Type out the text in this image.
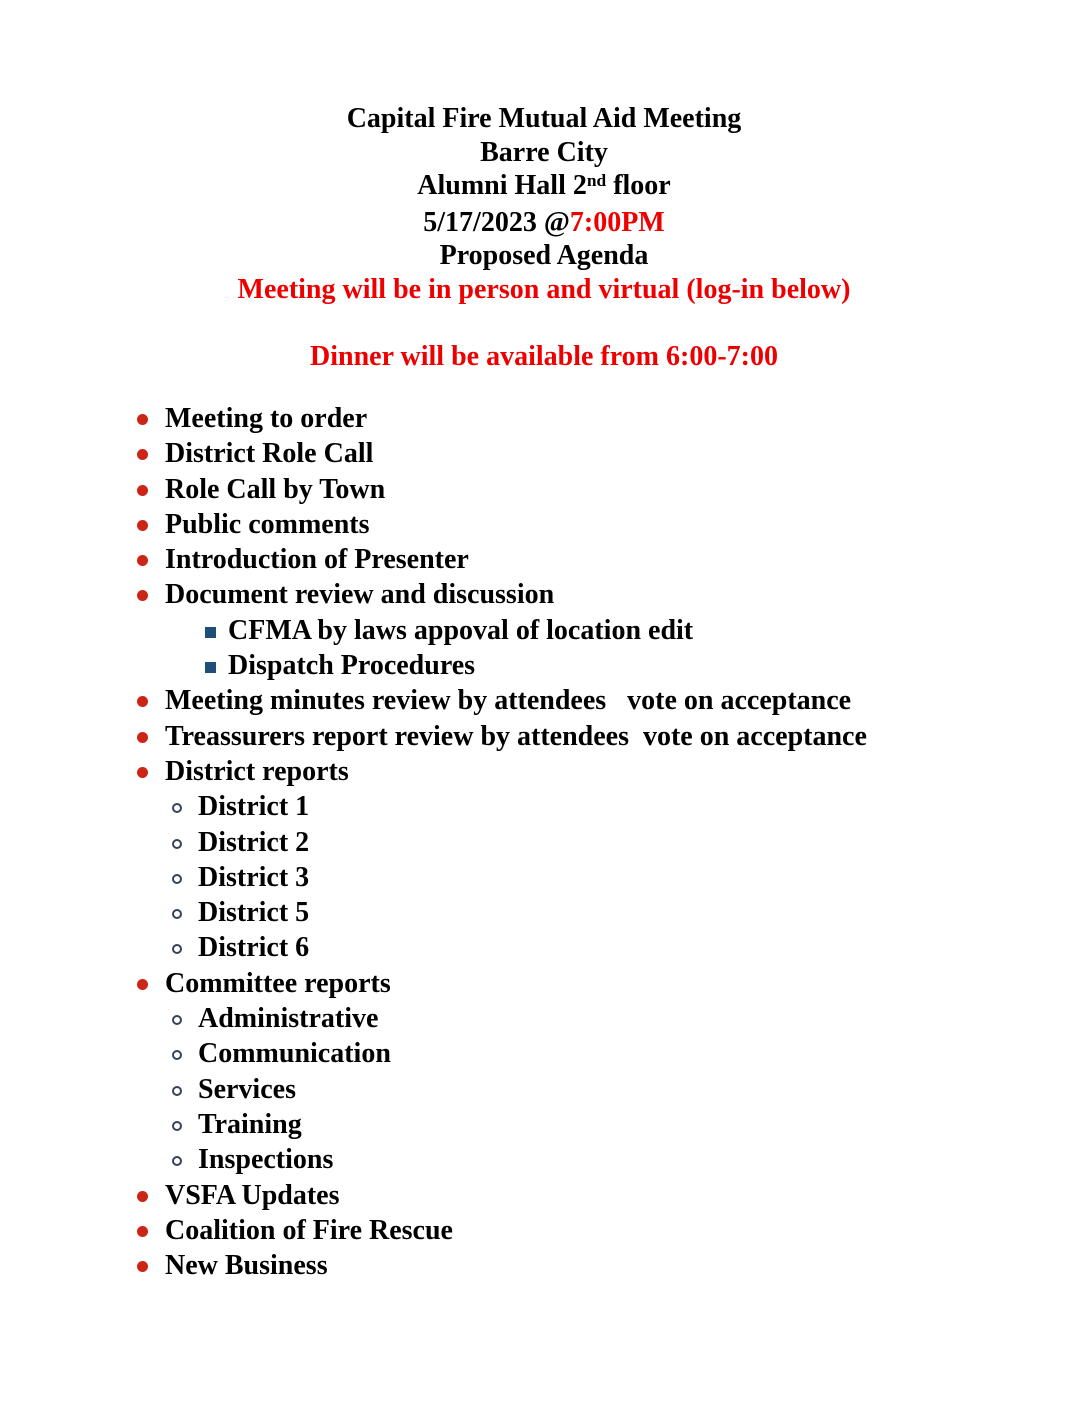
Capital Fire Mutual Aid Meeting
Barre City
Alumni Hall 2nd floor
5/17/2023 @7:00PM
Proposed Agenda
Meeting will be in person and virtual (log-in below)
Dinner will be available from 6:00-7:00
Meeting to order
District Role Call
Role Call by Town
Public comments
Introduction of Presenter
Document review and discussion
CFMA by laws appoval of location edit
Dispatch Procedures
Meeting minutes review by attendees   vote on acceptance
Treassurers report review by attendees  vote on acceptance
District reports
District 1
District 2
District 3
District 5
District 6
Committee reports
Administrative
Communication
Services
Training
Inspections
VSFA Updates
Coalition of Fire Rescue
New Business
